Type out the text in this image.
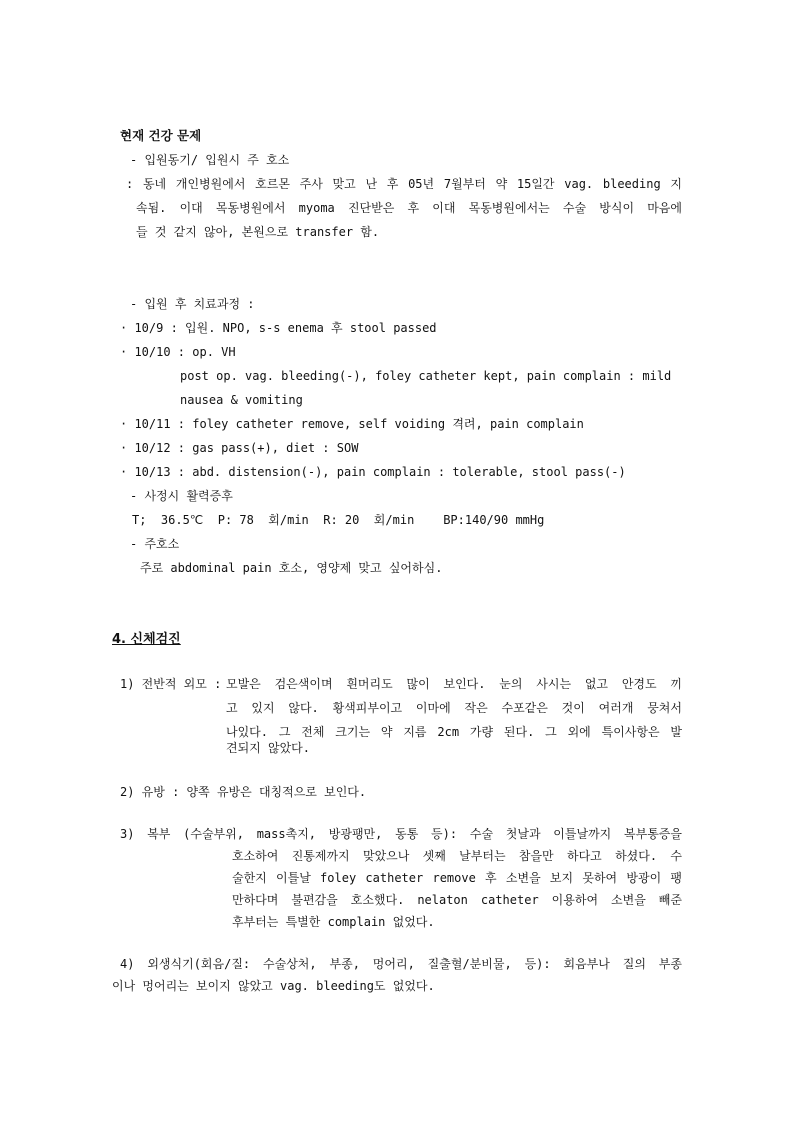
현재 건강 문제
- 입원동기/ 입원시 주 호소
: 동네 개인병원에서 호르몬 주사 맞고 난 후 05년 7월부터 약 15일간 vag. bleeding 지
속됨. 이대 목동병원에서 myoma 진단받은 후 이대 목동병원에서는 수술 방식이 마음에
들 것 같지 않아, 본원으로 transfer 함.
- 입원 후 치료과정 :
· 10/9 : 입원. NPO, s-s enema 후 stool passed
· 10/10 : op. VH
post op. vag. bleeding(-), foley catheter kept, pain complain : mild
nausea & vomiting
· 10/11 : foley catheter remove, self voiding 격려, pain complain
· 10/12 : gas pass(+), diet : SOW
· 10/13 : abd. distension(-), pain complain : tolerable, stool pass(-)
- 사정시 활력증후
T;  36.5℃  P: 78  회/min  R: 20  회/min    BP:140/90 mmHg
- 주호소
주로 abdominal pain 호소, 영양제 맞고 싶어하심.
4. 신체검진
1) 전반적 외모 : 모발은 검은색이며 흰머리도 많이 보인다. 눈의 사시는 없고 안경도 끼
고 있지 않다. 황색피부이고 이마에 작은 수포같은 것이 여러개 뭉쳐서
나있다. 그 전체 크기는 약 지름 2cm 가량 된다. 그 외에 특이사항은 발
견되지 않았다.
2) 유방 : 양쪽 유방은 대칭적으로 보인다.
3) 복부 (수술부위, mass촉지, 방광팽만, 동통 등): 수술 첫날과 이틀날까지 복부통증을
호소하여 진통제까지 맞았으나 셋째 날부터는 참을만 하다고 하셨다. 수
술한지 이틀날 foley catheter remove 후 소변을 보지 못하여 방광이 팽
만하다며 불편감을 호소했다. nelaton catheter 이용하여 소변을 빼준
후부터는 특별한 complain 없었다.
4) 외생식기(회음/질: 수술상처, 부종, 멍어리, 질출혈/분비물, 등): 회음부나 질의 부종
이나 멍어리는 보이지 않았고 vag. bleeding도 없었다.
